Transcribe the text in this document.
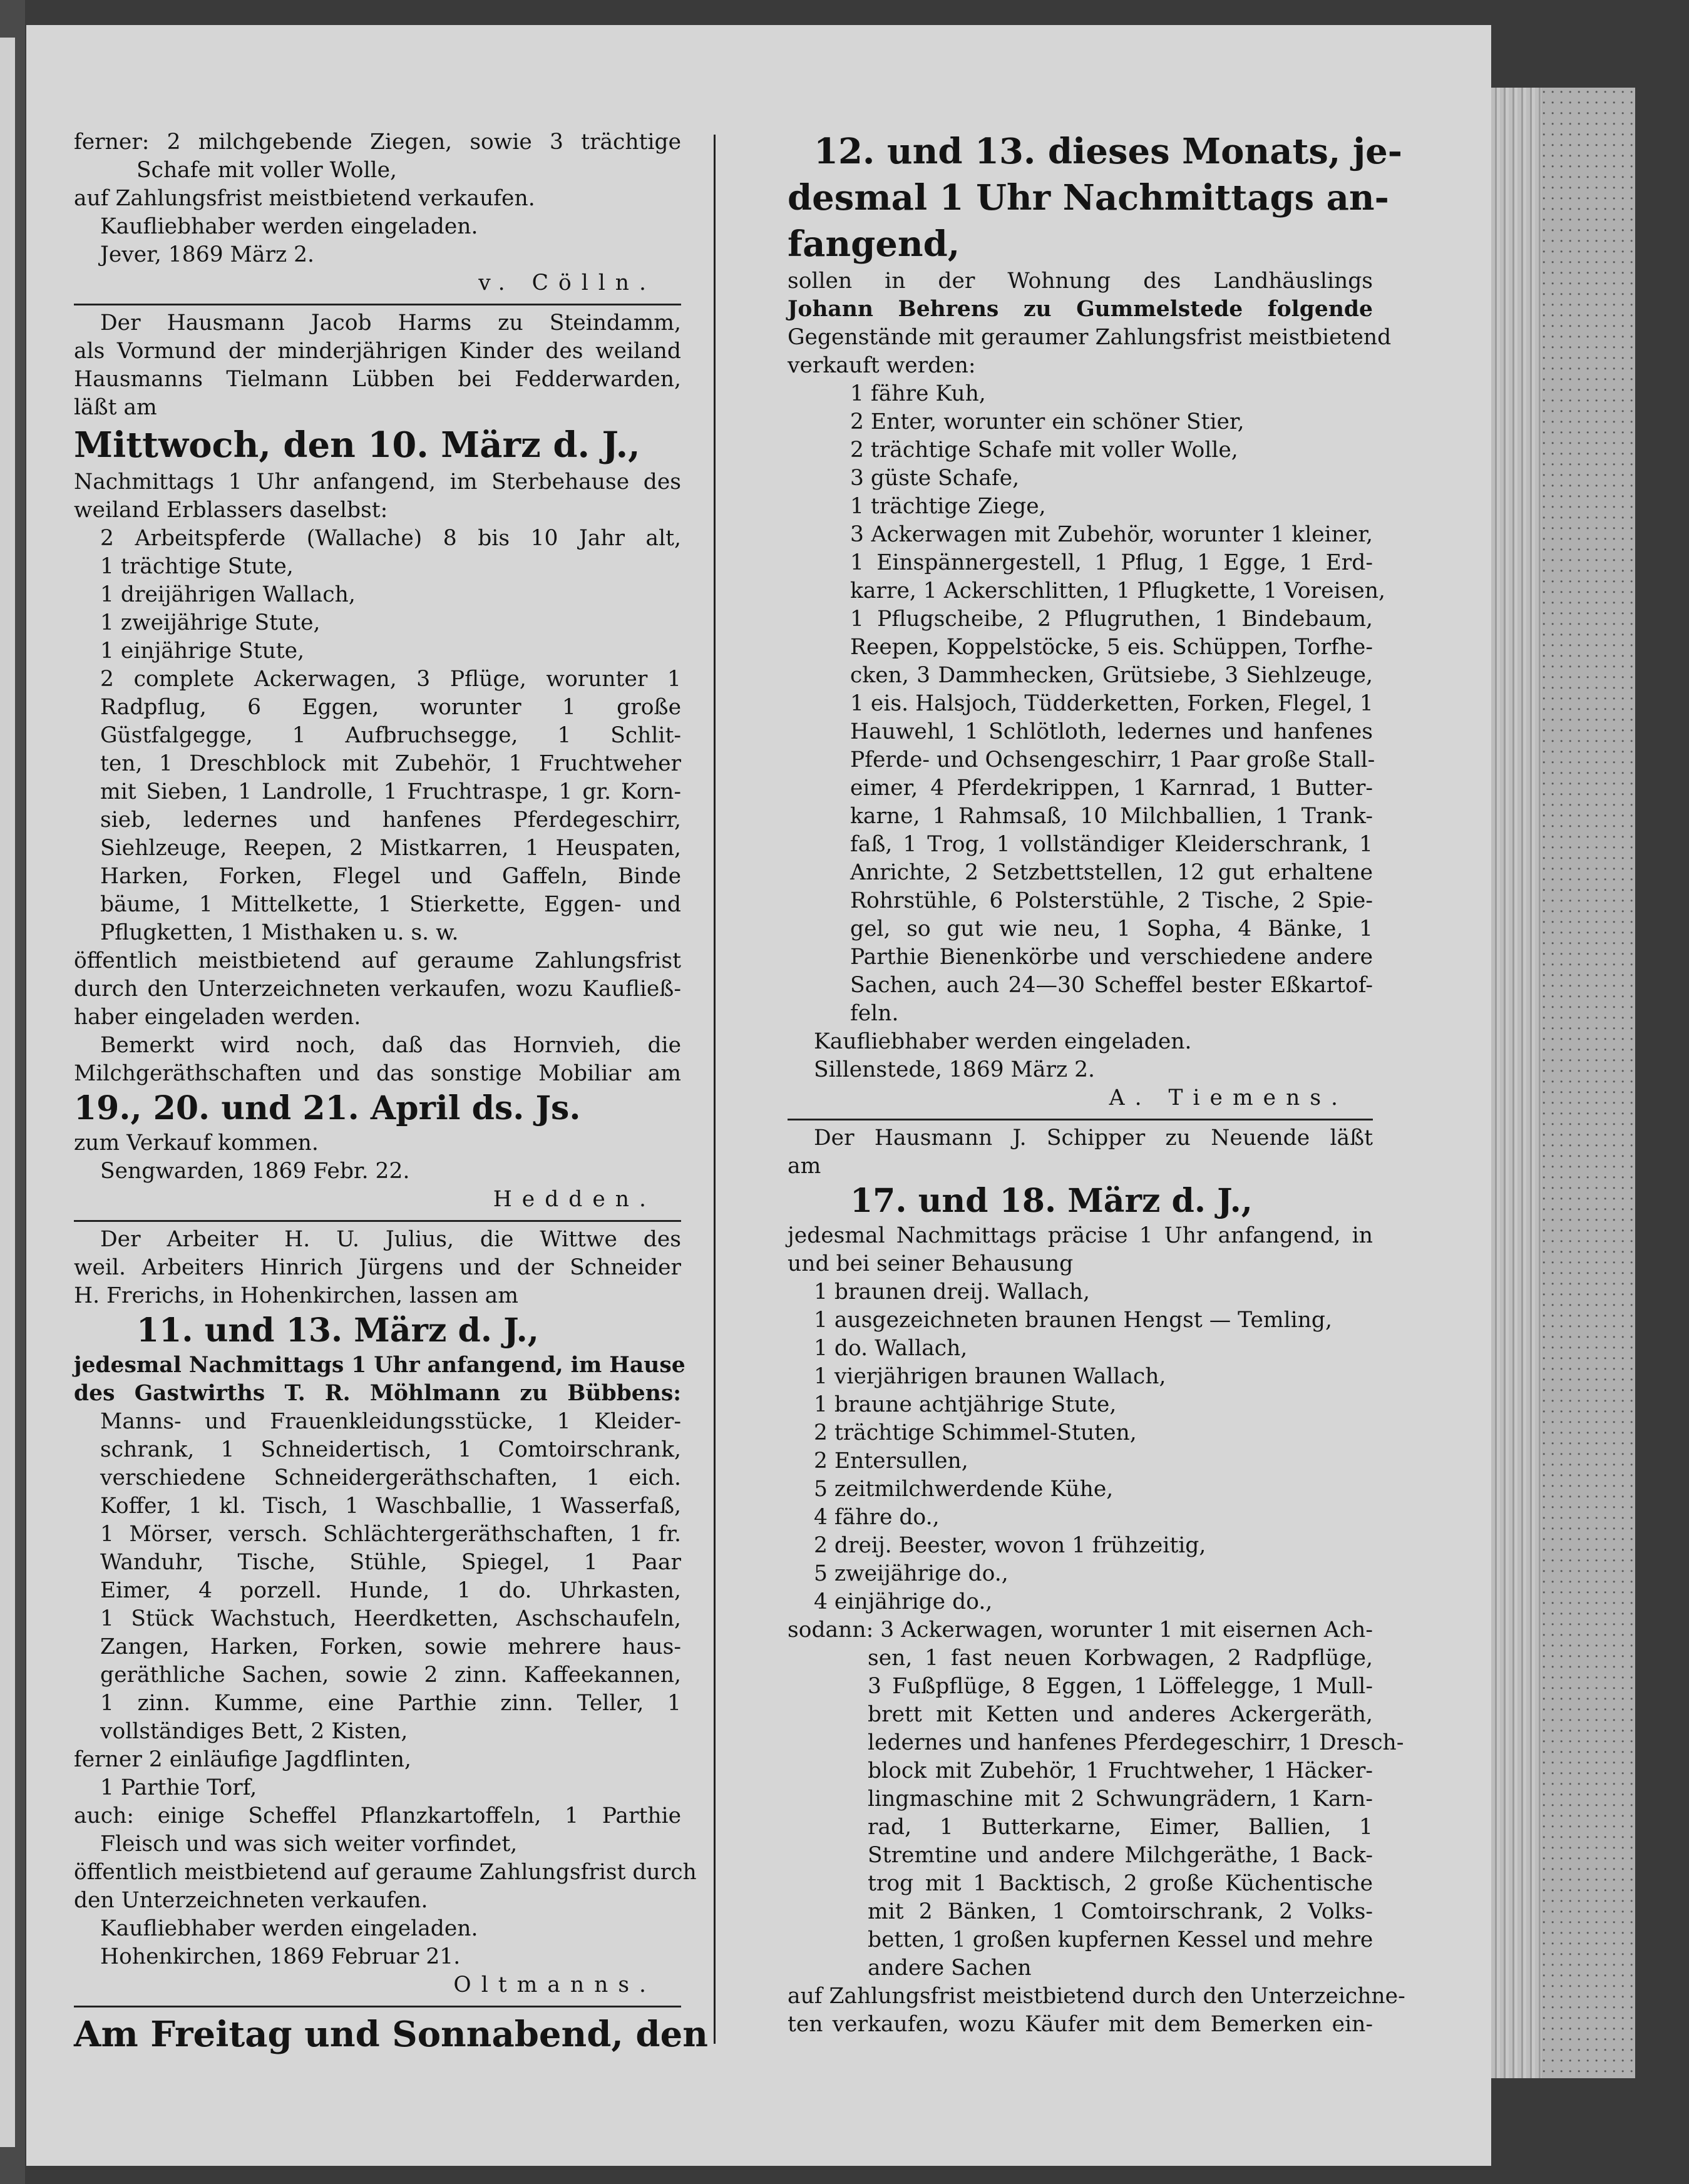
ferner: 2 milchgebende Ziegen, sowie 3 trächtige
Schafe mit voller Wolle,
auf Zahlungsfrist meistbietend verkaufen.
Kaufliebhaber werden eingeladen.
Jever, 1869 März 2.
v. Cölln.
Der Hausmann Jacob Harms zu Steindamm,
als Vormund der minderjährigen Kinder des weiland
Hausmanns Tielmann Lübben bei Fedderwarden,
läßt am
Mittwoch, den 10. März d. J.,
Nachmittags 1 Uhr anfangend, im Sterbehause des
weiland Erblassers daselbst:
2 Arbeitspferde (Wallache) 8 bis 10 Jahr alt,
1 trächtige Stute,
1 dreijährigen Wallach,
1 zweijährige Stute,
1 einjährige Stute,
2 complete Ackerwagen, 3 Pflüge, worunter 1
Radpflug, 6 Eggen, worunter 1 große
Güstfalgegge, 1 Aufbruchsegge, 1 Schlit-
ten, 1 Dreschblock mit Zubehör, 1 Fruchtweher
mit Sieben, 1 Landrolle, 1 Fruchtraspe, 1 gr. Korn-
sieb, ledernes und hanfenes Pferdegeschirr,
Siehlzeuge, Reepen, 2 Mistkarren, 1 Heuspaten,
Harken, Forken, Flegel und Gaffeln, Binde
bäume, 1 Mittelkette, 1 Stierkette, Eggen- und
Pflugketten, 1 Misthaken u. s. w.
öffentlich meistbietend auf geraume Zahlungsfrist
durch den Unterzeichneten verkaufen, wozu Kaufließ-
haber eingeladen werden.
Bemerkt wird noch, daß das Hornvieh, die
Milchgeräthschaften und das sonstige Mobiliar am
19., 20. und 21. April ds. Js.
zum Verkauf kommen.
Sengwarden, 1869 Febr. 22.
Hedden.
Der Arbeiter H. U. Julius, die Wittwe des
weil. Arbeiters Hinrich Jürgens und der Schneider
H. Frerichs, in Hohenkirchen, lassen am
11. und 13. März d. J.,
jedesmal Nachmittags 1 Uhr anfangend, im Hause
des Gastwirths T. R. Möhlmann zu Bübbens:
Manns- und Frauenkleidungsstücke, 1 Kleider-
schrank, 1 Schneidertisch, 1 Comtoirschrank,
verschiedene Schneidergeräthschaften, 1 eich.
Koffer, 1 kl. Tisch, 1 Waschballie, 1 Wasserfaß,
1 Mörser, versch. Schlächtergeräthschaften, 1 fr.
Wanduhr, Tische, Stühle, Spiegel, 1 Paar
Eimer, 4 porzell. Hunde, 1 do. Uhrkasten,
1 Stück Wachstuch, Heerdketten, Aschschaufeln,
Zangen, Harken, Forken, sowie mehrere haus-
geräthliche Sachen, sowie 2 zinn. Kaffeekannen,
1 zinn. Kumme, eine Parthie zinn. Teller, 1
vollständiges Bett, 2 Kisten,
ferner 2 einläufige Jagdflinten,
1 Parthie Torf,
auch: einige Scheffel Pflanzkartoffeln, 1 Parthie
Fleisch und was sich weiter vorfindet,
öffentlich meistbietend auf geraume Zahlungsfrist durch
den Unterzeichneten verkaufen.
Kaufliebhaber werden eingeladen.
Hohenkirchen, 1869 Februar 21.
Oltmanns.
Am Freitag und Sonnabend, den
12. und 13. dieses Monats, je-
desmal 1 Uhr Nachmittags an-
fangend,
sollen in der Wohnung des Landhäuslings
Johann Behrens zu Gummelstede folgende
Gegenstände mit geraumer Zahlungsfrist meistbietend
verkauft werden:
1 fähre Kuh,
2 Enter, worunter ein schöner Stier,
2 trächtige Schafe mit voller Wolle,
3 güste Schafe,
1 trächtige Ziege,
3 Ackerwagen mit Zubehör, worunter 1 kleiner,
1 Einspännergestell, 1 Pflug, 1 Egge, 1 Erd-
karre, 1 Ackerschlitten, 1 Pflugkette, 1 Voreisen,
1 Pflugscheibe, 2 Pflugruthen, 1 Bindebaum,
Reepen, Koppelstöcke, 5 eis. Schüppen, Torfhe-
cken, 3 Dammhecken, Grütsiebe, 3 Siehlzeuge,
1 eis. Halsjoch, Tüdderketten, Forken, Flegel, 1
Hauwehl, 1 Schlötloth, ledernes und hanfenes
Pferde- und Ochsengeschirr, 1 Paar große Stall-
eimer, 4 Pferdekrippen, 1 Karnrad, 1 Butter-
karne, 1 Rahmsaß, 10 Milchballien, 1 Trank-
faß, 1 Trog, 1 vollständiger Kleiderschrank, 1
Anrichte, 2 Setzbettstellen, 12 gut erhaltene
Rohrstühle, 6 Polsterstühle, 2 Tische, 2 Spie-
gel, so gut wie neu, 1 Sopha, 4 Bänke, 1
Parthie Bienenkörbe und verschiedene andere
Sachen, auch 24—30 Scheffel bester Eßkartof-
feln.
Kaufliebhaber werden eingeladen.
Sillenstede, 1869 März 2.
A. Tiemens.
Der Hausmann J. Schipper zu Neuende läßt
am
17. und 18. März d. J.,
jedesmal Nachmittags präcise 1 Uhr anfangend, in
und bei seiner Behausung
1 braunen dreij. Wallach,
1 ausgezeichneten braunen Hengst — Temling,
1 do. Wallach,
1 vierjährigen braunen Wallach,
1 braune achtjährige Stute,
2 trächtige Schimmel-Stuten,
2 Entersullen,
5 zeitmilchwerdende Kühe,
4 fähre do.,
2 dreij. Beester, wovon 1 frühzeitig,
5 zweijährige do.,
4 einjährige do.,
sodann: 3 Ackerwagen, worunter 1 mit eisernen Ach-
sen, 1 fast neuen Korbwagen, 2 Radpflüge,
3 Fußpflüge, 8 Eggen, 1 Löffelegge, 1 Mull-
brett mit Ketten und anderes Ackergeräth,
ledernes und hanfenes Pferdegeschirr, 1 Dresch-
block mit Zubehör, 1 Fruchtweher, 1 Häcker-
lingmaschine mit 2 Schwungrädern, 1 Karn-
rad, 1 Butterkarne, Eimer, Ballien, 1
Stremtine und andere Milchgeräthe, 1 Back-
trog mit 1 Backtisch, 2 große Küchentische
mit 2 Bänken, 1 Comtoirschrank, 2 Volks-
betten, 1 großen kupfernen Kessel und mehre
andere Sachen
auf Zahlungsfrist meistbietend durch den Unterzeichne-
ten verkaufen, wozu Käufer mit dem Bemerken ein-
